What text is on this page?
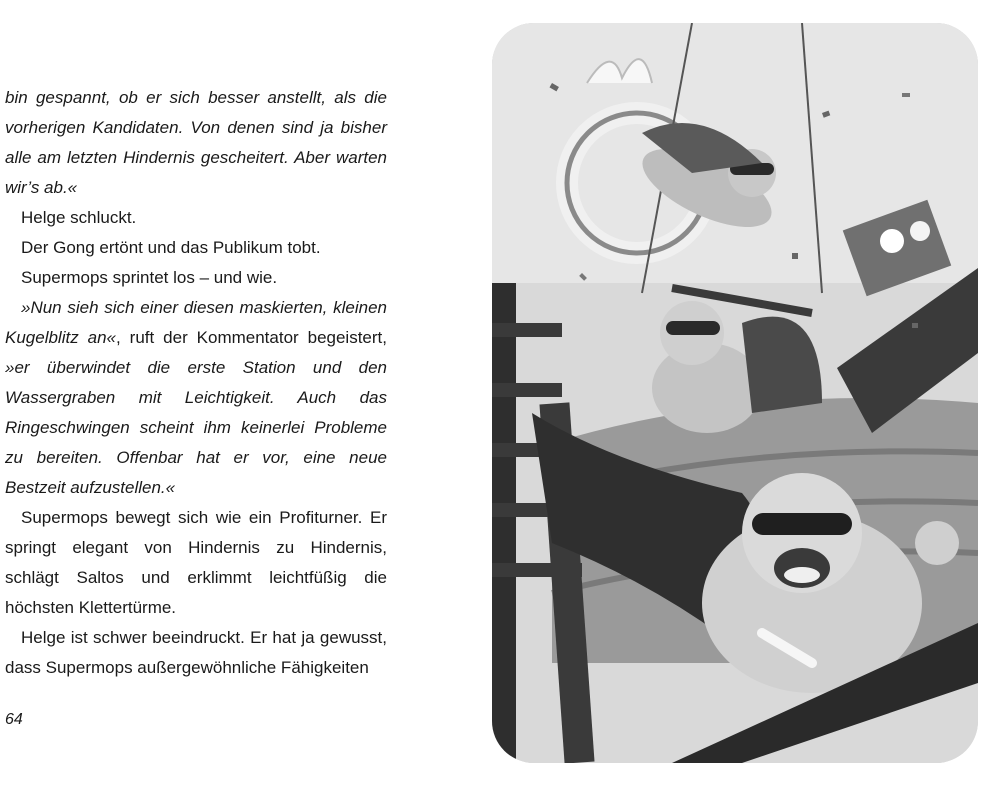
bin gespannt, ob er sich besser anstellt, als die vorherigen Kandidaten. Von denen sind ja bisher alle am letzten Hindernis gescheitert. Aber warten wir’s ab.«

Helge schluckt.

Der Gong ertönt und das Publikum tobt.

Supermops sprintet los – und wie.

»Nun sieh sich einer diesen maskierten, kleinen Kugelblitz an«, ruft der Kommentator begeistert, »er überwindet die erste Station und den Wassergraben mit Leichtigkeit. Auch das Ringeschwingen scheint ihm keinerlei Probleme zu bereiten. Offenbar hat er vor, eine neue Bestzeit aufzustellen.«

Supermops bewegt sich wie ein Profiturner. Er springt elegant von Hindernis zu Hindernis, schlägt Saltos und erklimmt leichtfüßig die höchsten Klettertürme.

Helge ist schwer beeindruckt. Er hat ja gewusst, dass Supermops außergewöhnliche Fähigkeiten

64
